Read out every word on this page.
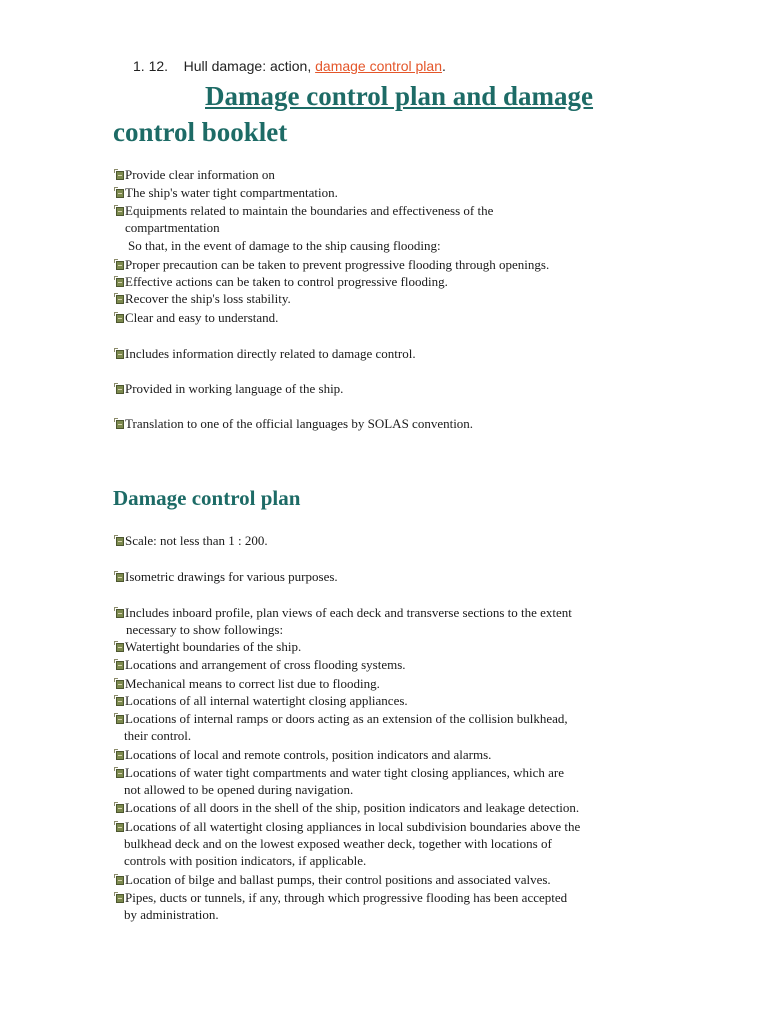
1. 12. Hull damage: action, damage control plan.
Damage control plan and damage
control booklet
Provide clear information on
The ship's water tight compartmentation.
Equipments related to maintain the boundaries and effectiveness of the
compartmentation
So that, in the event of damage to the ship causing flooding:
Proper precaution can be taken to prevent progressive flooding through openings.
Effective actions can be taken to control progressive flooding.
Recover the ship's loss stability.
Clear and easy to understand.
Includes information directly related to damage control.
Provided in working language of the ship.
Translation to one of the official languages by SOLAS convention.
Damage control plan
Scale: not less than 1 : 200.
Isometric drawings for various purposes.
Includes inboard profile, plan views of each deck and transverse sections to the extent
necessary to show followings:
Watertight boundaries of the ship.
Locations and arrangement of cross flooding systems.
Mechanical means to correct list due to flooding.
Locations of all internal watertight closing appliances.
Locations of internal ramps or doors acting as an extension of the collision bulkhead,
their control.
Locations of local and remote controls, position indicators and alarms.
Locations of water tight compartments and water tight closing appliances, which are
not allowed to be opened during navigation.
Locations of all doors in the shell of the ship, position indicators and leakage detection.
Locations of all watertight closing appliances in local subdivision boundaries above the
bulkhead deck and on the lowest exposed weather deck, together with locations of
controls with position indicators, if applicable.
Location of bilge and ballast pumps, their control positions and associated valves.
Pipes, ducts or tunnels, if any, through which progressive flooding has been accepted
by administration.
